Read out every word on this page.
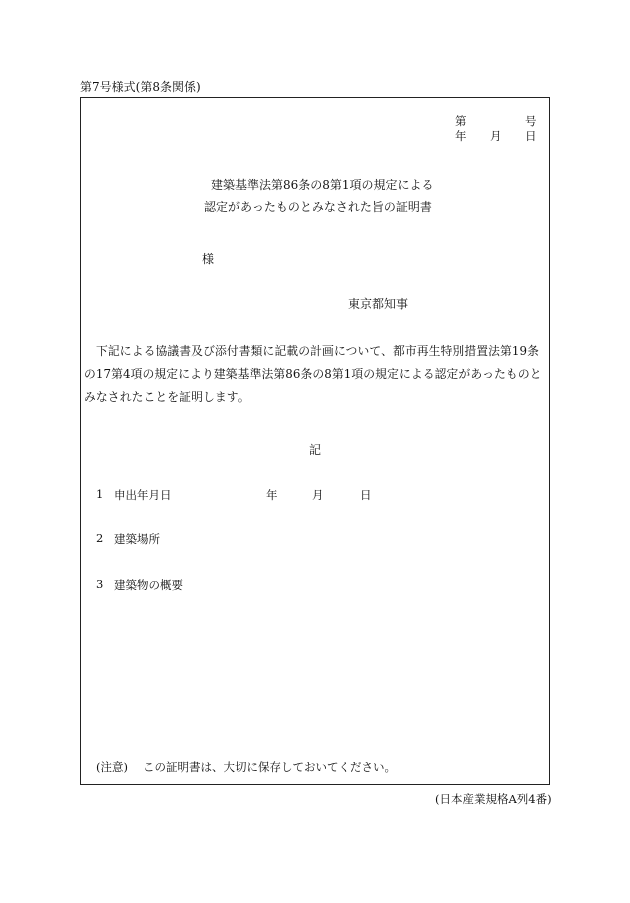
第7号様式(第8条関係)
第	号
年 月 日
建築基準法第86条の8第1項の規定による
認定があったものとみなされた旨の証明書
様
東京都知事
下記による協議書及び添付書類に記載の計画について、都市再生特別措置法第19条の17第4項の規定により建築基準法第86条の8第1項の規定による認定があったものとみなされたことを証明します。
記
1 申出年月日	年	月	日
2 建築場所
3 建築物の概要
(注意) この証明書は、大切に保存しておいてください。
(日本産業規格A列4番)
